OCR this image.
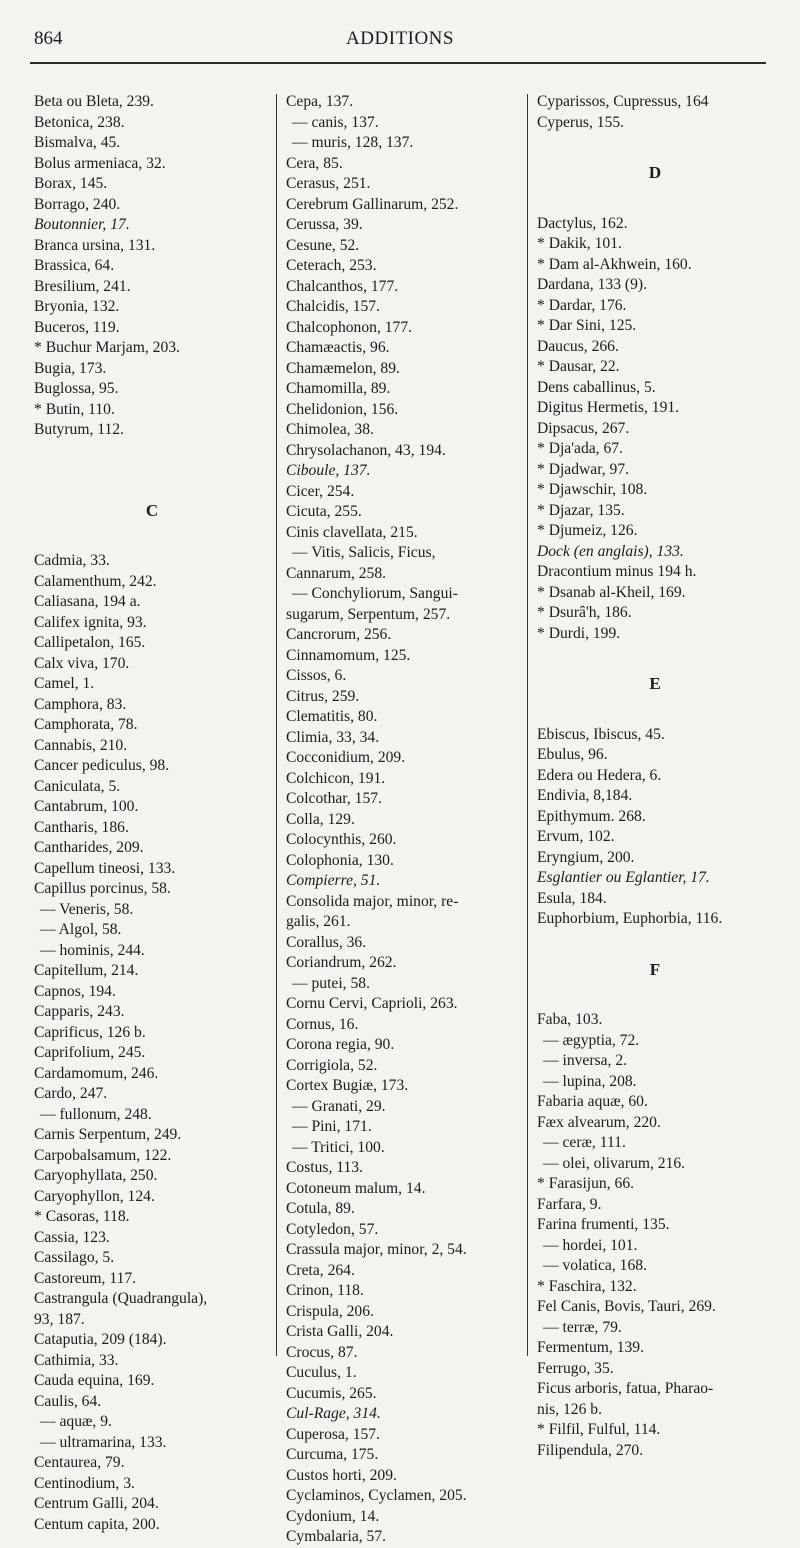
864	ADDITIONS
Beta ou Bleta, 239.
Betonica, 238.
Bismalva, 45.
Bolus armeniaca, 32.
Borax, 145.
Borrago, 240.
Boutonnier, 17.
Branca ursina, 131.
Brassica, 64.
Bresilium, 241.
Bryonia, 132.
Buceros, 119.
* Buchur Marjam, 203.
Bugia, 173.
Buglossa, 95.
* Butin, 110.
Butyrum, 112.
C
Cadmia, 33.
Calamenthum, 242.
Caliasana, 194 a.
Califex ignita, 93.
Callipetalon, 165.
Calx viva, 170.
Camel, 1.
Camphora, 83.
Camphorata, 78.
Cannabis, 210.
Cancer pediculus, 98.
Caniculata, 5.
Cantabrum, 100.
Cantharis, 186.
Cantharides, 209.
Capellum tineosi, 133.
Capillus porcinus, 58.
— Veneris, 58.
— Algol, 58.
— hominis, 244.
Capitellum, 214.
Capnos, 194.
Capparis, 243.
Caprificus, 126 b.
Caprifolium, 245.
Cardamomum, 246.
Cardo, 247.
— fullonum, 248.
Carnis Serpentum, 249.
Carpobalsamum, 122.
Caryophyllata, 250.
Caryophyllon, 124.
* Casoras, 118.
Cassia, 123.
Cassilago, 5.
Castoreum, 117.
Castrangula (Quadrangula),
93, 187.
Cataputia, 209 (184).
Cathimia, 33.
Cauda equina, 169.
Caulis, 64.
— aquæ, 9.
— ultramarina, 133.
Centaurea, 79.
Centinodium, 3.
Centrum Galli, 204.
Centum capita, 200.
Cepa, 137.
— canis, 137.
— muris, 128, 137.
Cera, 85.
Cerasus, 251.
Cerebrum Gallinarum, 252.
Cerussa, 39.
Cesune, 52.
Ceterach, 253.
Chalcanthos, 177.
Chalcidis, 157.
Chalcophonon, 177.
Chamæactis, 96.
Chamæmelon, 89.
Chamomilla, 89.
Chelidonion, 156.
Chimolea, 38.
Chrysolachanon, 43, 194.
Ciboule, 137.
Cicer, 254.
Cicuta, 255.
Cinis clavellata, 215.
— Vitis, Salicis, Ficus,
Cannarum, 258.
— Conchyliorum, Sangui-
sugarum, Serpentum, 257.
Cancrorum, 256.
Cinnamomum, 125.
Cissos, 6.
Citrus, 259.
Clematitis, 80.
Climia, 33, 34.
Cocconidium, 209.
Colchicon, 191.
Colcothar, 157.
Colla, 129.
Colocynthis, 260.
Colophonia, 130.
Compierre, 51.
Consolida major, minor, re-
galis, 261.
Corallus, 36.
Coriandrum, 262.
— putei, 58.
Cornu Cervi, Caprioli, 263.
Cornus, 16.
Corona regia, 90.
Corrigiola, 52.
Cortex Bugiæ, 173.
— Granati, 29.
— Pini, 171.
— Tritici, 100.
Costus, 113.
Cotoneum malum, 14.
Cotula, 89.
Cotyledon, 57.
Crassula major, minor, 2, 54.
Creta, 264.
Crinon, 118.
Crispula, 206.
Crista Galli, 204.
Crocus, 87.
Cuculus, 1.
Cucumis, 265.
Cul-Rage, 314.
Cuperosa, 157.
Curcuma, 175.
Custos horti, 209.
Cyclaminos, Cyclamen, 205.
Cydonium, 14.
Cymbalaria, 57.
Cyparissos, Cupressus, 164
Cyperus, 155.
D
Dactylus, 162.
* Dakik, 101.
* Dam al-Akhwein, 160.
Dardana, 133 (9).
* Dardar, 176.
* Dar Sini, 125.
Daucus, 266.
* Dausar, 22.
Dens caballinus, 5.
Digitus Hermetis, 191.
Dipsacus, 267.
* Dja'ada, 67.
* Djadwar, 97.
* Djawschir, 108.
* Djazar, 135.
* Djumeiz, 126.
Dock (en anglais), 133.
Dracontium minus 194 h.
* Dsanab al-Kheil, 169.
* Dsurâ'h, 186.
* Durdi, 199.
E
Ebiscus, Ibiscus, 45.
Ebulus, 96.
Edera ou Hedera, 6.
Endivia, 8,184.
Epithymum. 268.
Ervum, 102.
Eryngium, 200.
Esglantier ou Eglantier, 17.
Esula, 184.
Euphorbium, Euphorbia, 116.
F
Faba, 103.
— ægyptia, 72.
— inversa, 2.
— lupina, 208.
Fabaria aquæ, 60.
Fæx alvearum, 220.
— ceræ, 111.
— olei, olivarum, 216.
* Farasijun, 66.
Farfara, 9.
Farina frumenti, 135.
— hordei, 101.
— volatica, 168.
* Faschira, 132.
Fel Canis, Bovis, Tauri, 269.
— terræ, 79.
Fermentum, 139.
Ferrugo, 35.
Ficus arboris, fatua, Pharao-
nis, 126 b.
* Filfil, Fulful, 114.
Filipendula, 270.
